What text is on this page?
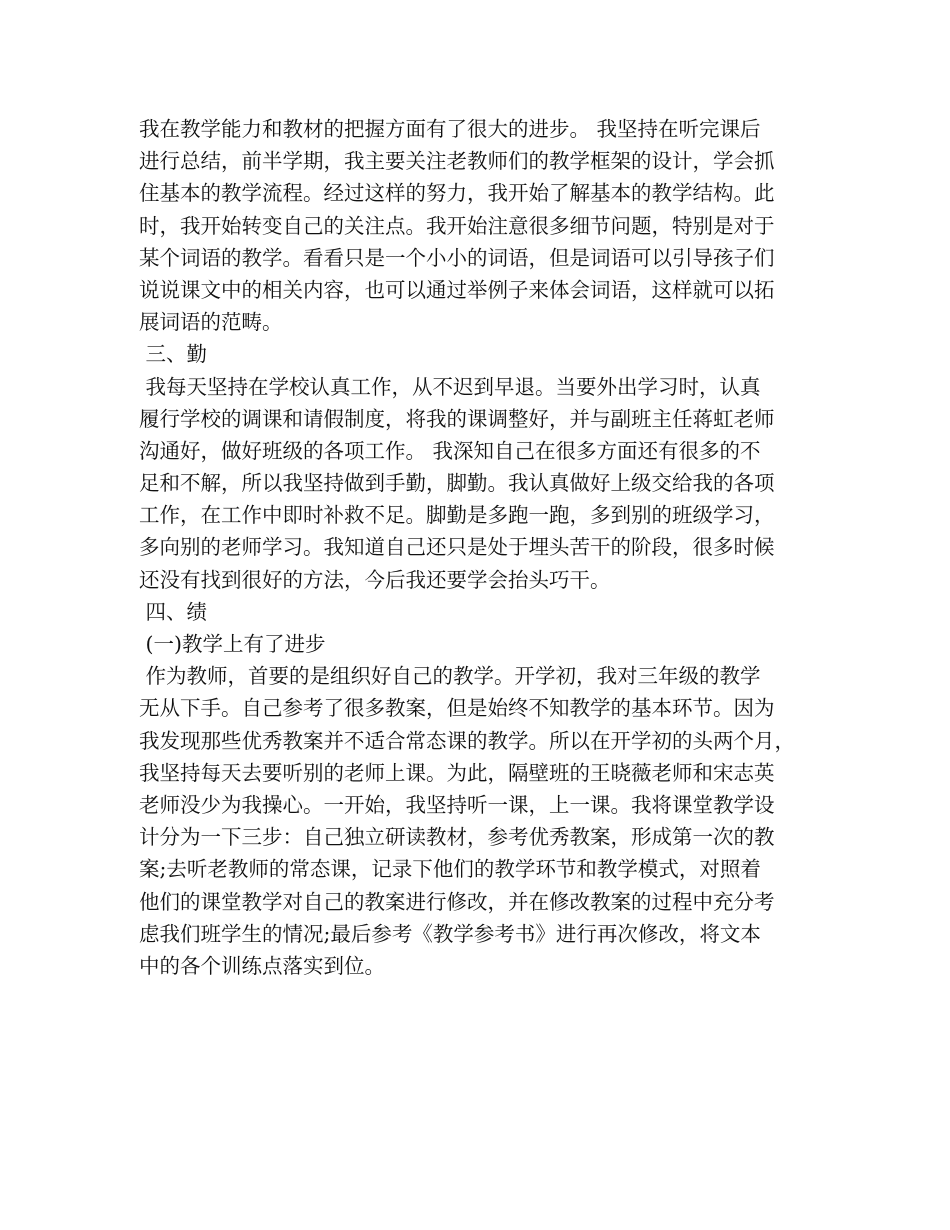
我在教学能力和教材的把握方面有了很大的进步。 我坚持在听完课后
进行总结，前半学期，我主要关注老教师们的教学框架的设计，学会抓
住基本的教学流程。经过这样的努力，我开始了解基本的教学结构。此
时，我开始转变自己的关注点。我开始注意很多细节问题，特别是对于
某个词语的教学。看看只是一个小小的词语，但是词语可以引导孩子们
说说课文中的相关内容，也可以通过举例子来体会词语，这样就可以拓
展词语的范畴。
三、勤
我每天坚持在学校认真工作，从不迟到早退。当要外出学习时，认真
履行学校的调课和请假制度，将我的课调整好，并与副班主任蒋虹老师
沟通好，做好班级的各项工作。 我深知自己在很多方面还有很多的不
足和不解，所以我坚持做到手勤，脚勤。我认真做好上级交给我的各项
工作，在工作中即时补救不足。脚勤是多跑一跑，多到别的班级学习，
多向别的老师学习。我知道自己还只是处于埋头苦干的阶段，很多时候
还没有找到很好的方法，今后我还要学会抬头巧干。
四、绩
(一)教学上有了进步
作为教师，首要的是组织好自己的教学。开学初，我对三年级的教学
无从下手。自己参考了很多教案，但是始终不知教学的基本环节。因为
我发现那些优秀教案并不适合常态课的教学。所以在开学初的头两个月，
我坚持每天去要听别的老师上课。为此，隔壁班的王晓薇老师和宋志英
老师没少为我操心。一开始，我坚持听一课，上一课。我将课堂教学设
计分为一下三步：自己独立研读教材，参考优秀教案，形成第一次的教
案;去听老教师的常态课，记录下他们的教学环节和教学模式，对照着
他们的课堂教学对自己的教案进行修改，并在修改教案的过程中充分考
虑我们班学生的情况;最后参考《教学参考书》进行再次修改，将文本
中的各个训练点落实到位。
